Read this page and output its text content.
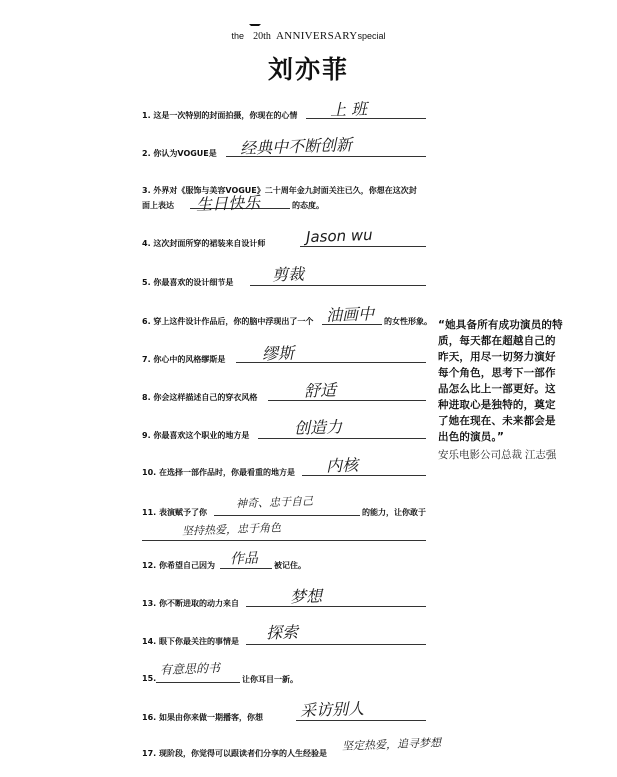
the 20th ANNIVERSARYspecial
刘亦菲
1. 这是一次特别的封面拍摄，你现在的心情 上 班
2. 你认为VOGUE是 经典中不断创新
3. 外界对《服饰与美容VOGUE》二十周年金九封面关注已久，你想在这次封
面上表达 生日快乐	的态度。
4. 这次封面所穿的裙装来自设计师	Jason wu
5. 你最喜欢的设计细节是 剪裁
6. 穿上这件设计作品后，你的脑中浮现出了一个 油画中 的女性形象。
7. 你心中的风格缪斯是 缪斯
8. 你会这样描述自己的穿衣风格	舒适
9. 你最喜欢这个职业的地方是	创造力
10. 在选择一部作品时，你最看重的地方是 内核
11. 表演赋予了你
神奇、忠于自己
的能力，让你敢于
坚持热爱，忠于角色
12. 你希望自己因为 作品 被记住。
13. 你不断进取的动力来自	梦想
14. 眼下你最关注的事情是 探索
15.
有意思的书
让你耳目一新。
16. 如果由你来做一期播客，你想 采访别人
17. 现阶段，你觉得可以跟读者们分享的人生经验是
坚定热爱，追寻梦想
“她具备所有成功演员的特质，每天都在超越自己的昨天，用尽一切努力演好每个角色，思考下一部作品怎么比上一部更好。这种进取心是独特的，奠定了她在现在、未来都会是出色的演员。”
安乐电影公司总裁 江志强
